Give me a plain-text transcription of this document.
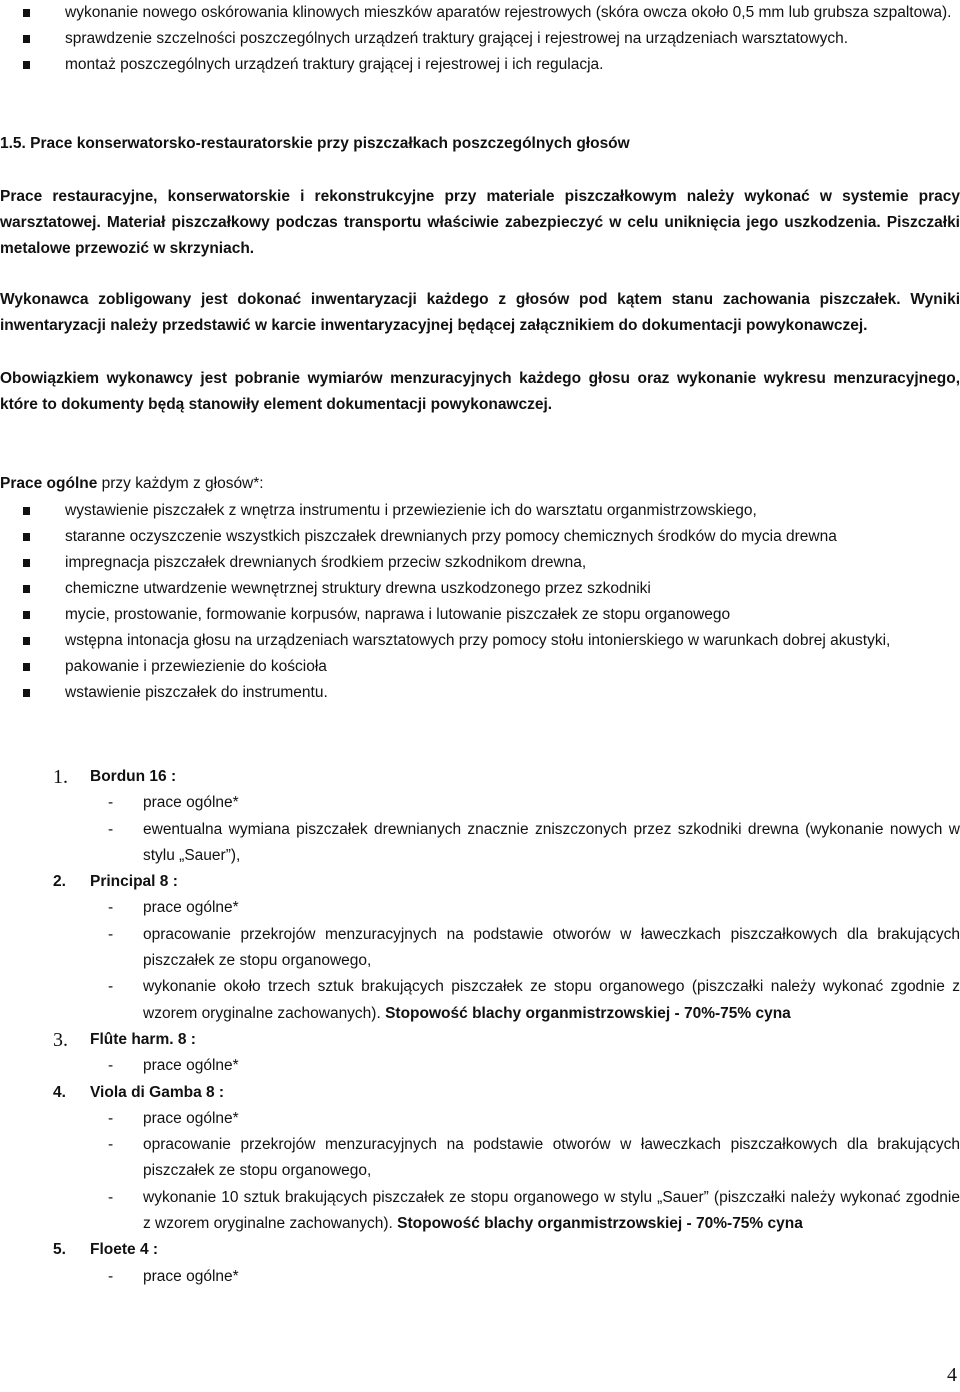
wykonanie nowego oskórowania klinowych mieszków aparatów rejestrowych (skóra owcza około 0,5 mm lub grubsza szpaltowa).
sprawdzenie szczelności poszczególnych urządzeń traktury grającej i rejestrowej na urządzeniach warsztatowych.
montaż poszczególnych urządzeń traktury grającej i rejestrowej i ich regulacja.

1.5. Prace konserwatorsko-restauratorskie przy piszczałkach poszczególnych głosów

Prace restauracyjne, konserwatorskie i rekonstrukcyjne przy materiale piszczałkowym należy wykonać w systemie pracy warsztatowej. Materiał piszczałkowy podczas transportu właściwie zabezpieczyć w celu uniknięcia jego uszkodzenia. Piszczałki metalowe przewozić w skrzyniach.

Wykonawca zobligowany jest dokonać inwentaryzacji każdego z głosów pod kątem stanu zachowania piszczałek. Wyniki inwentaryzacji należy przedstawić w karcie inwentaryzacyjnej będącej załącznikiem do dokumentacji powykonawczej.

Obowiązkiem wykonawcy jest pobranie wymiarów menzuracyjnych każdego głosu oraz wykonanie wykresu menzuracyjnego, które to dokumenty będą stanowiły element dokumentacji powykonawczej.

Prace ogólne przy każdym z głosów*:

wystawienie piszczałek z wnętrza instrumentu i przewiezienie ich do warsztatu organmistrzowskiego,
staranne oczyszczenie wszystkich piszczałek drewnianych przy pomocy chemicznych środków do mycia drewna
impregnacja piszczałek drewnianych środkiem przeciw szkodnikom drewna,
chemiczne utwardzenie wewnętrznej struktury drewna uszkodzonego przez szkodniki
mycie, prostowanie, formowanie korpusów, naprawa i lutowanie piszczałek ze stopu organowego
wstępna intonacja głosu na urządzeniach warsztatowych przy pomocy stołu intonierskiego w warunkach dobrej akustyki,
pakowanie i przewiezienie do kościoła
wstawienie piszczałek do instrumentu.
1. Bordun 16 :
- prace ogólne*
- ewentualna wymiana piszczałek drewnianych znacznie zniszczonych przez szkodniki drewna (wykonanie nowych w stylu „Sauer”),
2. Principal 8 :
- prace ogólne*
- opracowanie przekrojów menzuracyjnych na podstawie otworów w ławeczkach piszczałkowych dla brakujących piszczałek ze stopu organowego,
- wykonanie około trzech sztuk brakujących piszczałek ze stopu organowego (piszczałki należy wykonać zgodnie z wzorem oryginalne zachowanych). Stopowość blachy organmistrzowskiej - 70%-75% cyna
3. Flûte harm. 8 :
- prace ogólne*
4. Viola di Gamba 8 :
- prace ogólne*
- opracowanie przekrojów menzuracyjnych na podstawie otworów w ławeczkach piszczałkowych dla brakujących piszczałek ze stopu organowego,
- wykonanie 10 sztuk brakujących piszczałek ze stopu organowego w stylu „Sauer” (piszczałki należy wykonać zgodnie z wzorem oryginalne zachowanych). Stopowość blachy organmistrzowskiej - 70%-75% cyna
5. Floete 4 :
- prace ogólne*
4
